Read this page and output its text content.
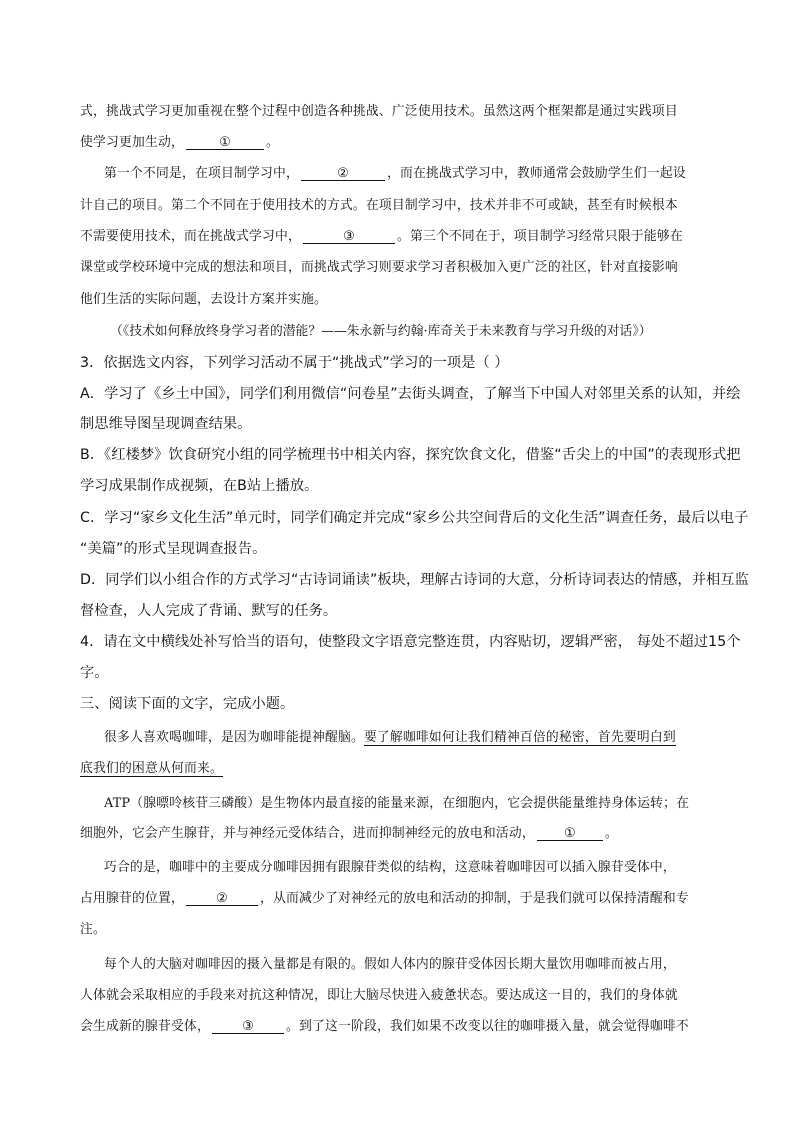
式，挑战式学习更加重视在整个过程中创造各种挑战、广泛使用技术。虽然这两个框架都是通过实践项目
使学习更加生动，	①	。
第一个不同是，在项目制学习中，	②	，而在挑战式学习中，教师通常会鼓励学生们一起设
计自己的项目。第二个不同在于使用技术的方式。在项目制学习中，技术并非不可或缺，甚至有时候根本
不需要使用技术，而在挑战式学习中，	③	。第三个不同在于，项目制学习经常只限于能够在
课堂或学校环境中完成的想法和项目，而挑战式学习则要求学习者积极加入更广泛的社区，针对直接影响
他们生活的实际问题，去设计方案并实施。
（《技术如何释放终身学习者的潜能？——朱永新与约翰·库奇关于未来教育与学习升级的对话》）
3．依据选文内容，下列学习活动不属于“挑战式”学习的一项是（ ）
A．学习了《乡土中国》，同学们利用微信“问卷星”去街头调查，了解当下中国人对邻里关系的认知，并绘
制思维导图呈现调查结果。
B．《红楼梦》饮食研究小组的同学梳理书中相关内容，探究饮食文化，借鉴“舌尖上的中国”的表现形式把
学习成果制作成视频，在B站上播放。
C．学习“家乡文化生活”单元时，同学们确定并完成“家乡公共空间背后的文化生活”调查任务，最后以电子
“美篇”的形式呈现调查报告。
D．同学们以小组合作的方式学习“古诗词诵读”板块，理解古诗词的大意，分析诗词表达的情感，并相互监
督检查，人人完成了背诵、默写的任务。
4．请在文中横线处补写恰当的语句，使整段文字语意完整连贯，内容贴切，逻辑严密， 每处不超过15个
字。
三、阅读下面的文字，完成小题。
很多人喜欢喝咖啡，是因为咖啡能提神醒脑。要了解咖啡如何让我们精神百倍的秘密，首先要明白到
底我们的困意从何而来。
ATP（腺嘌呤核苷三磷酸）是生物体内最直接的能量来源，在细胞内，它会提供能量维持身体运转；在
细胞外，它会产生腺苷，并与神经元受体结合，进而抑制神经元的放电和活动， ① 。
巧合的是，咖啡中的主要成分咖啡因拥有跟腺苷类似的结构，这意味着咖啡因可以插入腺苷受体中，
占用腺苷的位置，	②	，从而减少了对神经元的放电和活动的抑制，于是我们就可以保持清醒和专
注。
每个人的大脑对咖啡因的摄入量都是有限的。假如人体内的腺苷受体因长期大量饮用咖啡而被占用，
人体就会采取相应的手段来对抗这种情况，即让大脑尽快进入疲惫状态。要达成这一目的，我们的身体就
会生成新的腺苷受体，	③	。到了这一阶段，我们如果不改变以往的咖啡摄入量，就会觉得咖啡不
